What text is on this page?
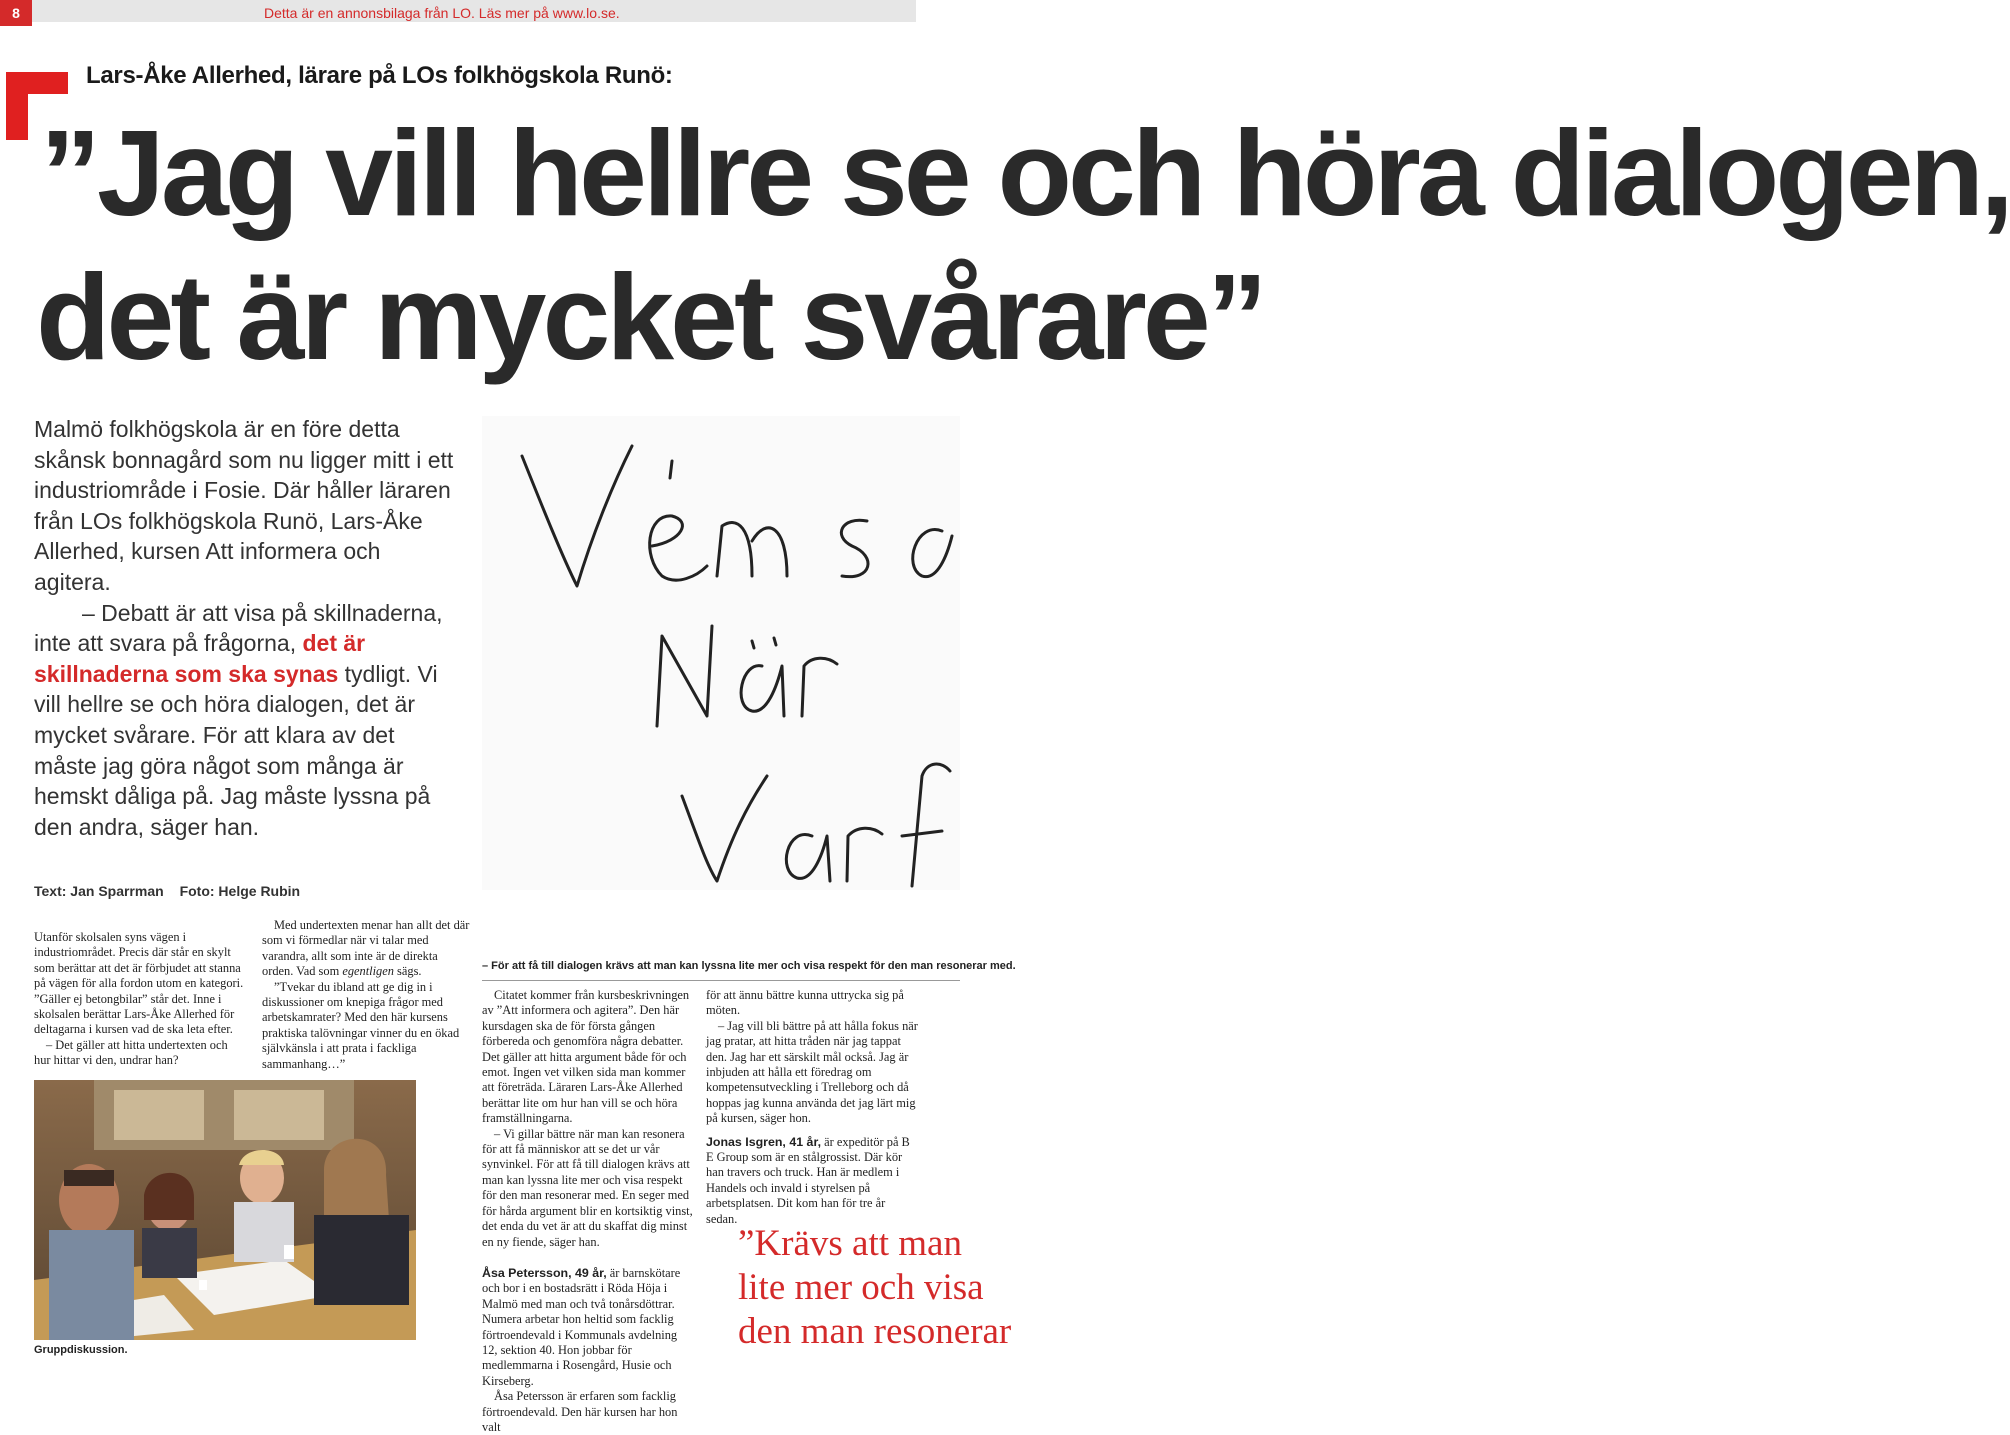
8	Detta är en annonsbilaga från LO. Läs mer på www.lo.se.
Lars-Åke Allerhed, lärare på LOs folkhögskola Runö:
”Jag vill hellre se och höra dialogen,
det är mycket svårare”

Malmö folkhögskola är en före detta skånsk bonnagård som nu ligger mitt i ett industriområde i Fosie. Där håller läraren från LOs folkhögskola Runö, Lars-Åke Allerhed, kursen Att informera och agitera.

– Debatt är att visa på skillnaderna, inte att svara på frågorna, det är skillnaderna som ska synas tydligt. Vi vill hellre se och höra dialogen, det är mycket svårare. För att klara av det måste jag göra något som många är hemskt dåliga på. Jag måste lyssna på den andra, säger han.

Text: Jan Sparrman Foto: Helge Rubin
– För att få till dialogen krävs att man kan lyssna lite mer och visa respekt för den man resonerar med.

Utanför skolsalen syns vägen i industriområdet. Precis där står en skylt som berättar att det är förbjudet att stanna på vägen för alla fordon utom en kategori. ”Gäller ej betongbilar” står det. Inne i skolsalen berättar Lars-Åke Allerhed för deltagarna i kursen vad de ska leta efter.

– Det gäller att hitta undertexten och hur hittar vi den, undrar han?

Med undertexten menar han allt det där som vi förmedlar när vi talar med varandra, allt som inte är de direkta orden. Vad som egentligen sägs.

”Tvekar du ibland att ge dig in i diskussioner om knepiga frågor med arbetskamrater? Med den här kursens praktiska talövningar vinner du en ökad självkänsla i att prata i fackliga sammanhang…”

Citatet kommer från kursbeskrivningen av ”Att informera och agitera”. Den här kursdagen ska de för första gången förbereda och genomföra några debatter. Det gäller att hitta argument både för och emot. Ingen vet vilken sida man kommer att företräda. Läraren Lars-Åke Allerhed berättar lite om hur han vill se och höra framställningarna.

– Vi gillar bättre när man kan resonera för att få människor att se det ur vår synvinkel. För att få till dialogen krävs att man kan lyssna lite mer och visa respekt för den man resonerar med. En seger med för hårda argument blir en kortsiktig vinst, det enda du vet är att du skaffat dig minst en ny fiende, säger han.

Åsa Petersson, 49 år, är barnskötare och bor i en bostadsrätt i Röda Höja i Malmö med man och två tonårsdöttrar. Numera arbetar hon heltid som facklig förtroendevald i Kommunals avdelning 12, sektion 40. Hon jobbar för medlemmarna i Rosengård, Husie och Kirseberg.

Åsa Petersson är erfaren som facklig förtroendevald. Den här kursen har hon valt

för att ännu bättre kunna uttrycka sig på möten.

– Jag vill bli bättre på att hålla fokus när jag pratar, att hitta tråden när jag tappat den. Jag har ett särskilt mål också. Jag är inbjuden att hålla ett föredrag om kompetensutveckling i Trelleborg och då hoppas jag kunna använda det jag lärt mig på kursen, säger hon.

Jonas Isgren, 41 år, är expeditör på B E Group som är en stålgrossist. Där kör han travers och truck. Han är medlem i Handels och invald i styrelsen på arbetsplatsen. Dit kom han för tre år sedan.

Gruppdiskussion.

”Krävs att man

lite mer och visa

den man resonerar
